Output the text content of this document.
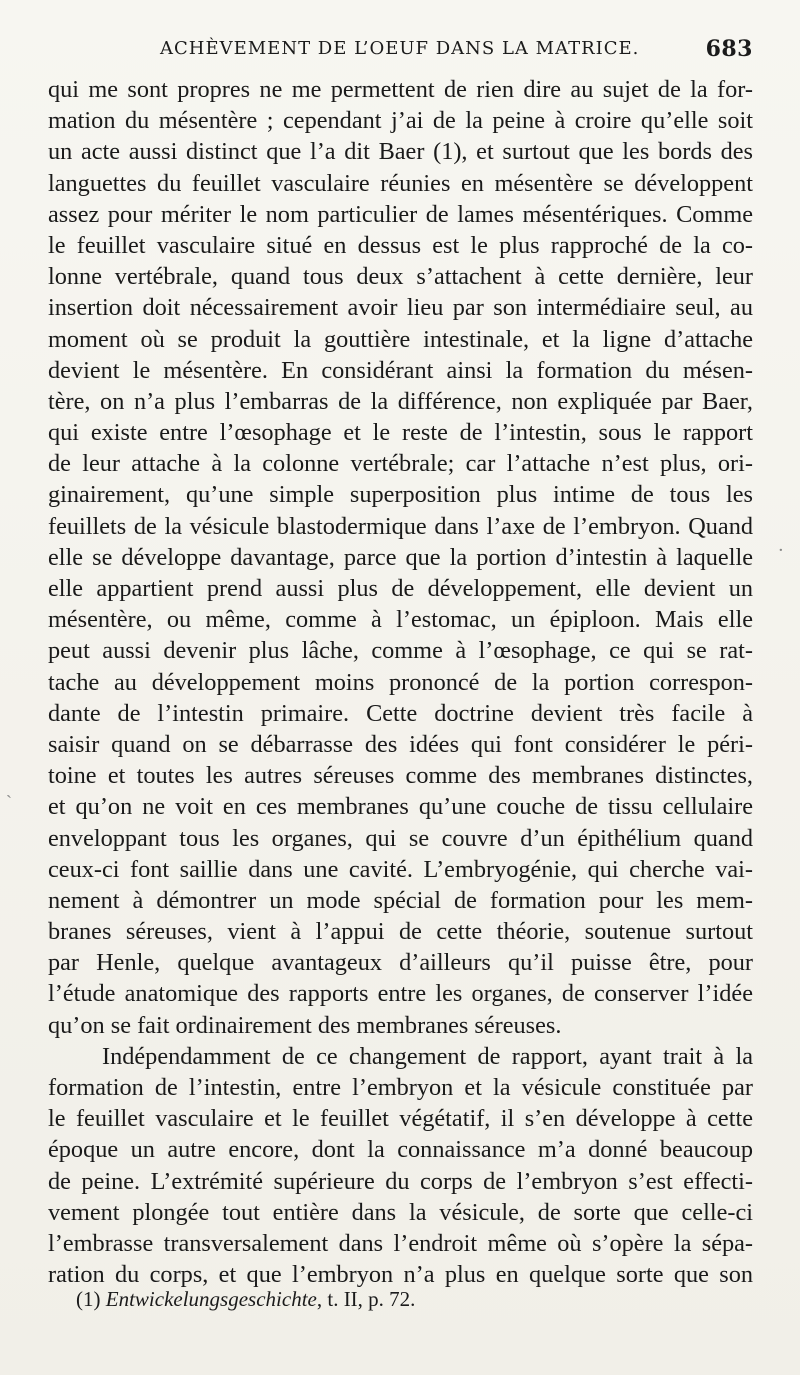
ACHÈVEMENT DE L’OEUF DANS LA MATRICE.	683
qui me sont propres ne me permettent de rien dire au sujet de la for-
mation du mésentère ; cependant j’ai de la peine à croire qu’elle soit
un acte aussi distinct que l’a dit Baer (1), et surtout que les bords des
languettes du feuillet vasculaire réunies en mésentère se développent
assez pour mériter le nom particulier de lames mésentériques. Comme
le feuillet vasculaire situé en dessus est le plus rapproché de la co-
lonne vertébrale, quand tous deux s’attachent à cette dernière, leur
insertion doit nécessairement avoir lieu par son intermédiaire seul, au
moment où se produit la gouttière intestinale, et la ligne d’attache
devient le mésentère. En considérant ainsi la formation du mésen-
tère, on n’a plus l’embarras de la différence, non expliquée par Baer,
qui existe entre l’œsophage et le reste de l’intestin, sous le rapport
de leur attache à la colonne vertébrale; car l’attache n’est plus, ori-
ginairement, qu’une simple superposition plus intime de tous les
feuillets de la vésicule blastodermique dans l’axe de l’embryon. Quand
elle se développe davantage, parce que la portion d’intestin à laquelle
elle appartient prend aussi plus de développement, elle devient un
mésentère, ou même, comme à l’estomac, un épiploon. Mais elle
peut aussi devenir plus lâche, comme à l’œsophage, ce qui se rat-
tache au développement moins prononcé de la portion correspon-
dante de l’intestin primaire. Cette doctrine devient très facile à
saisir quand on se débarrasse des idées qui font considérer le péri-
toine et toutes les autres séreuses comme des membranes distinctes,
et qu’on ne voit en ces membranes qu’une couche de tissu cellulaire
enveloppant tous les organes, qui se couvre d’un épithélium quand
ceux-ci font saillie dans une cavité. L’embryogénie, qui cherche vai-
nement à démontrer un mode spécial de formation pour les mem-
branes séreuses, vient à l’appui de cette théorie, soutenue surtout
par Henle, quelque avantageux d’ailleurs qu’il puisse être, pour
l’étude anatomique des rapports entre les organes, de conserver l’idée
qu’on se fait ordinairement des membranes séreuses.
Indépendamment de ce changement de rapport, ayant trait à la
formation de l’intestin, entre l’embryon et la vésicule constituée par
le feuillet vasculaire et le feuillet végétatif, il s’en développe à cette
époque un autre encore, dont la connaissance m’a donné beaucoup
de peine. L’extrémité supérieure du corps de l’embryon s’est effecti-
vement plongée tout entière dans la vésicule, de sorte que celle-ci
l’embrasse transversalement dans l’endroit même où s’opère la sépa-
ration du corps, et que l’embryon n’a plus en quelque sorte que son
(1) Entwickelungsgeschichte, t. II, p. 72.
·
ˏ
